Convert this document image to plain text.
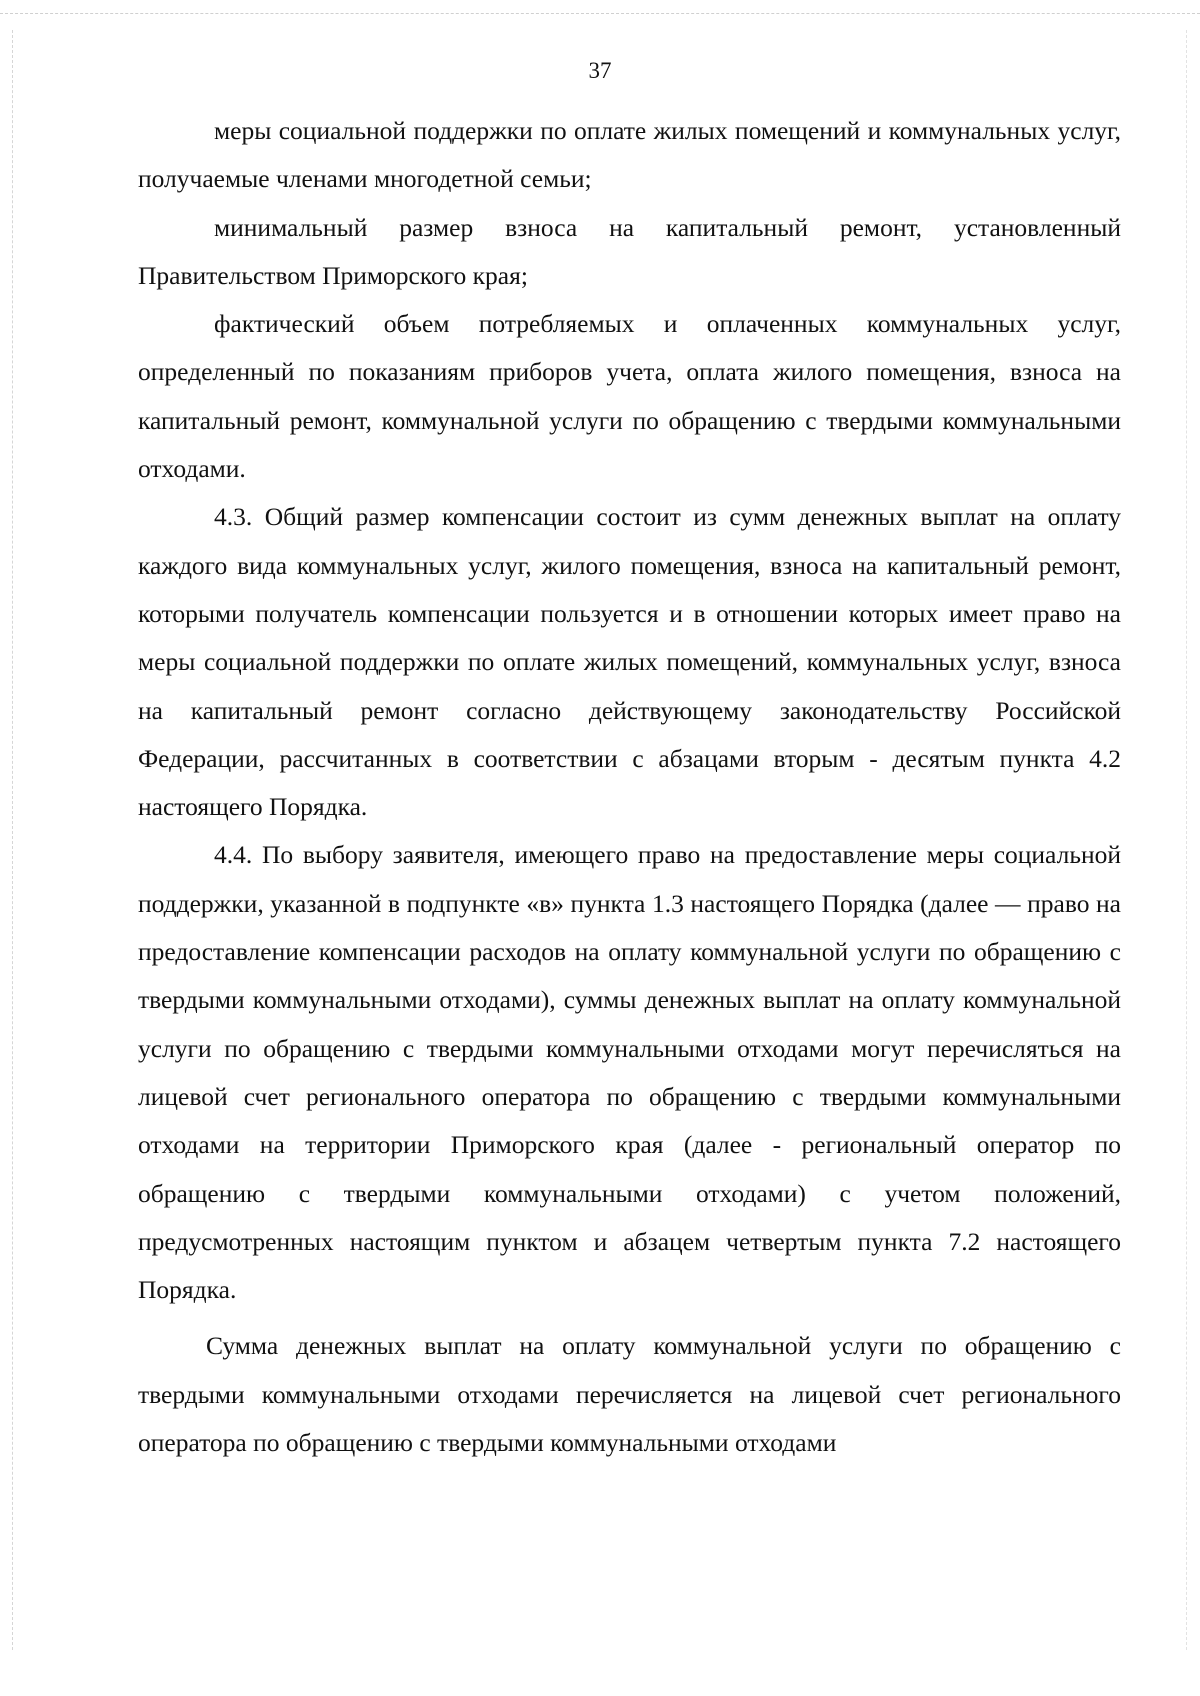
37

меры социальной поддержки по оплате жилых помещений и коммунальных услуг, получаемые членами многодетной семьи;

минимальный размер взноса на капитальный ремонт, установленный Правительством Приморского края;

фактический объем потребляемых и оплаченных коммунальных услуг, определенный по показаниям приборов учета, оплата жилого помещения, взноса на капитальный ремонт, коммунальной услуги по обращению с твердыми коммунальными отходами.

4.3. Общий размер компенсации состоит из сумм денежных выплат на оплату каждого вида коммунальных услуг, жилого помещения, взноса на капитальный ремонт, которыми получатель компенсации пользуется и в отношении которых имеет право на меры социальной поддержки по оплате жилых помещений, коммунальных услуг, взноса на капитальный ремонт согласно действующему законодательству Российской Федерации, рассчитанных в соответствии с абзацами вторым - десятым пункта 4.2 настоящего Порядка.

4.4. По выбору заявителя, имеющего право на предоставление меры социальной поддержки, указанной в подпункте «в» пункта 1.3 настоящего Порядка (далее — право на предоставление компенсации расходов на оплату коммунальной услуги по обращению с твердыми коммунальными отходами), суммы денежных выплат на оплату коммунальной услуги по обращению с твердыми коммунальными отходами могут перечисляться на лицевой счет регионального оператора по обращению с твердыми коммунальными отходами на территории Приморского края (далее - региональный оператор по обращению с твердыми коммунальными отходами) с учетом положений, предусмотренных настоящим пунктом и абзацем четвертым пункта 7.2 настоящего Порядка.

Сумма денежных выплат на оплату коммунальной услуги по обращению с твердыми коммунальными отходами перечисляется на лицевой счет регионального оператора по обращению с твердыми коммунальными отходами
